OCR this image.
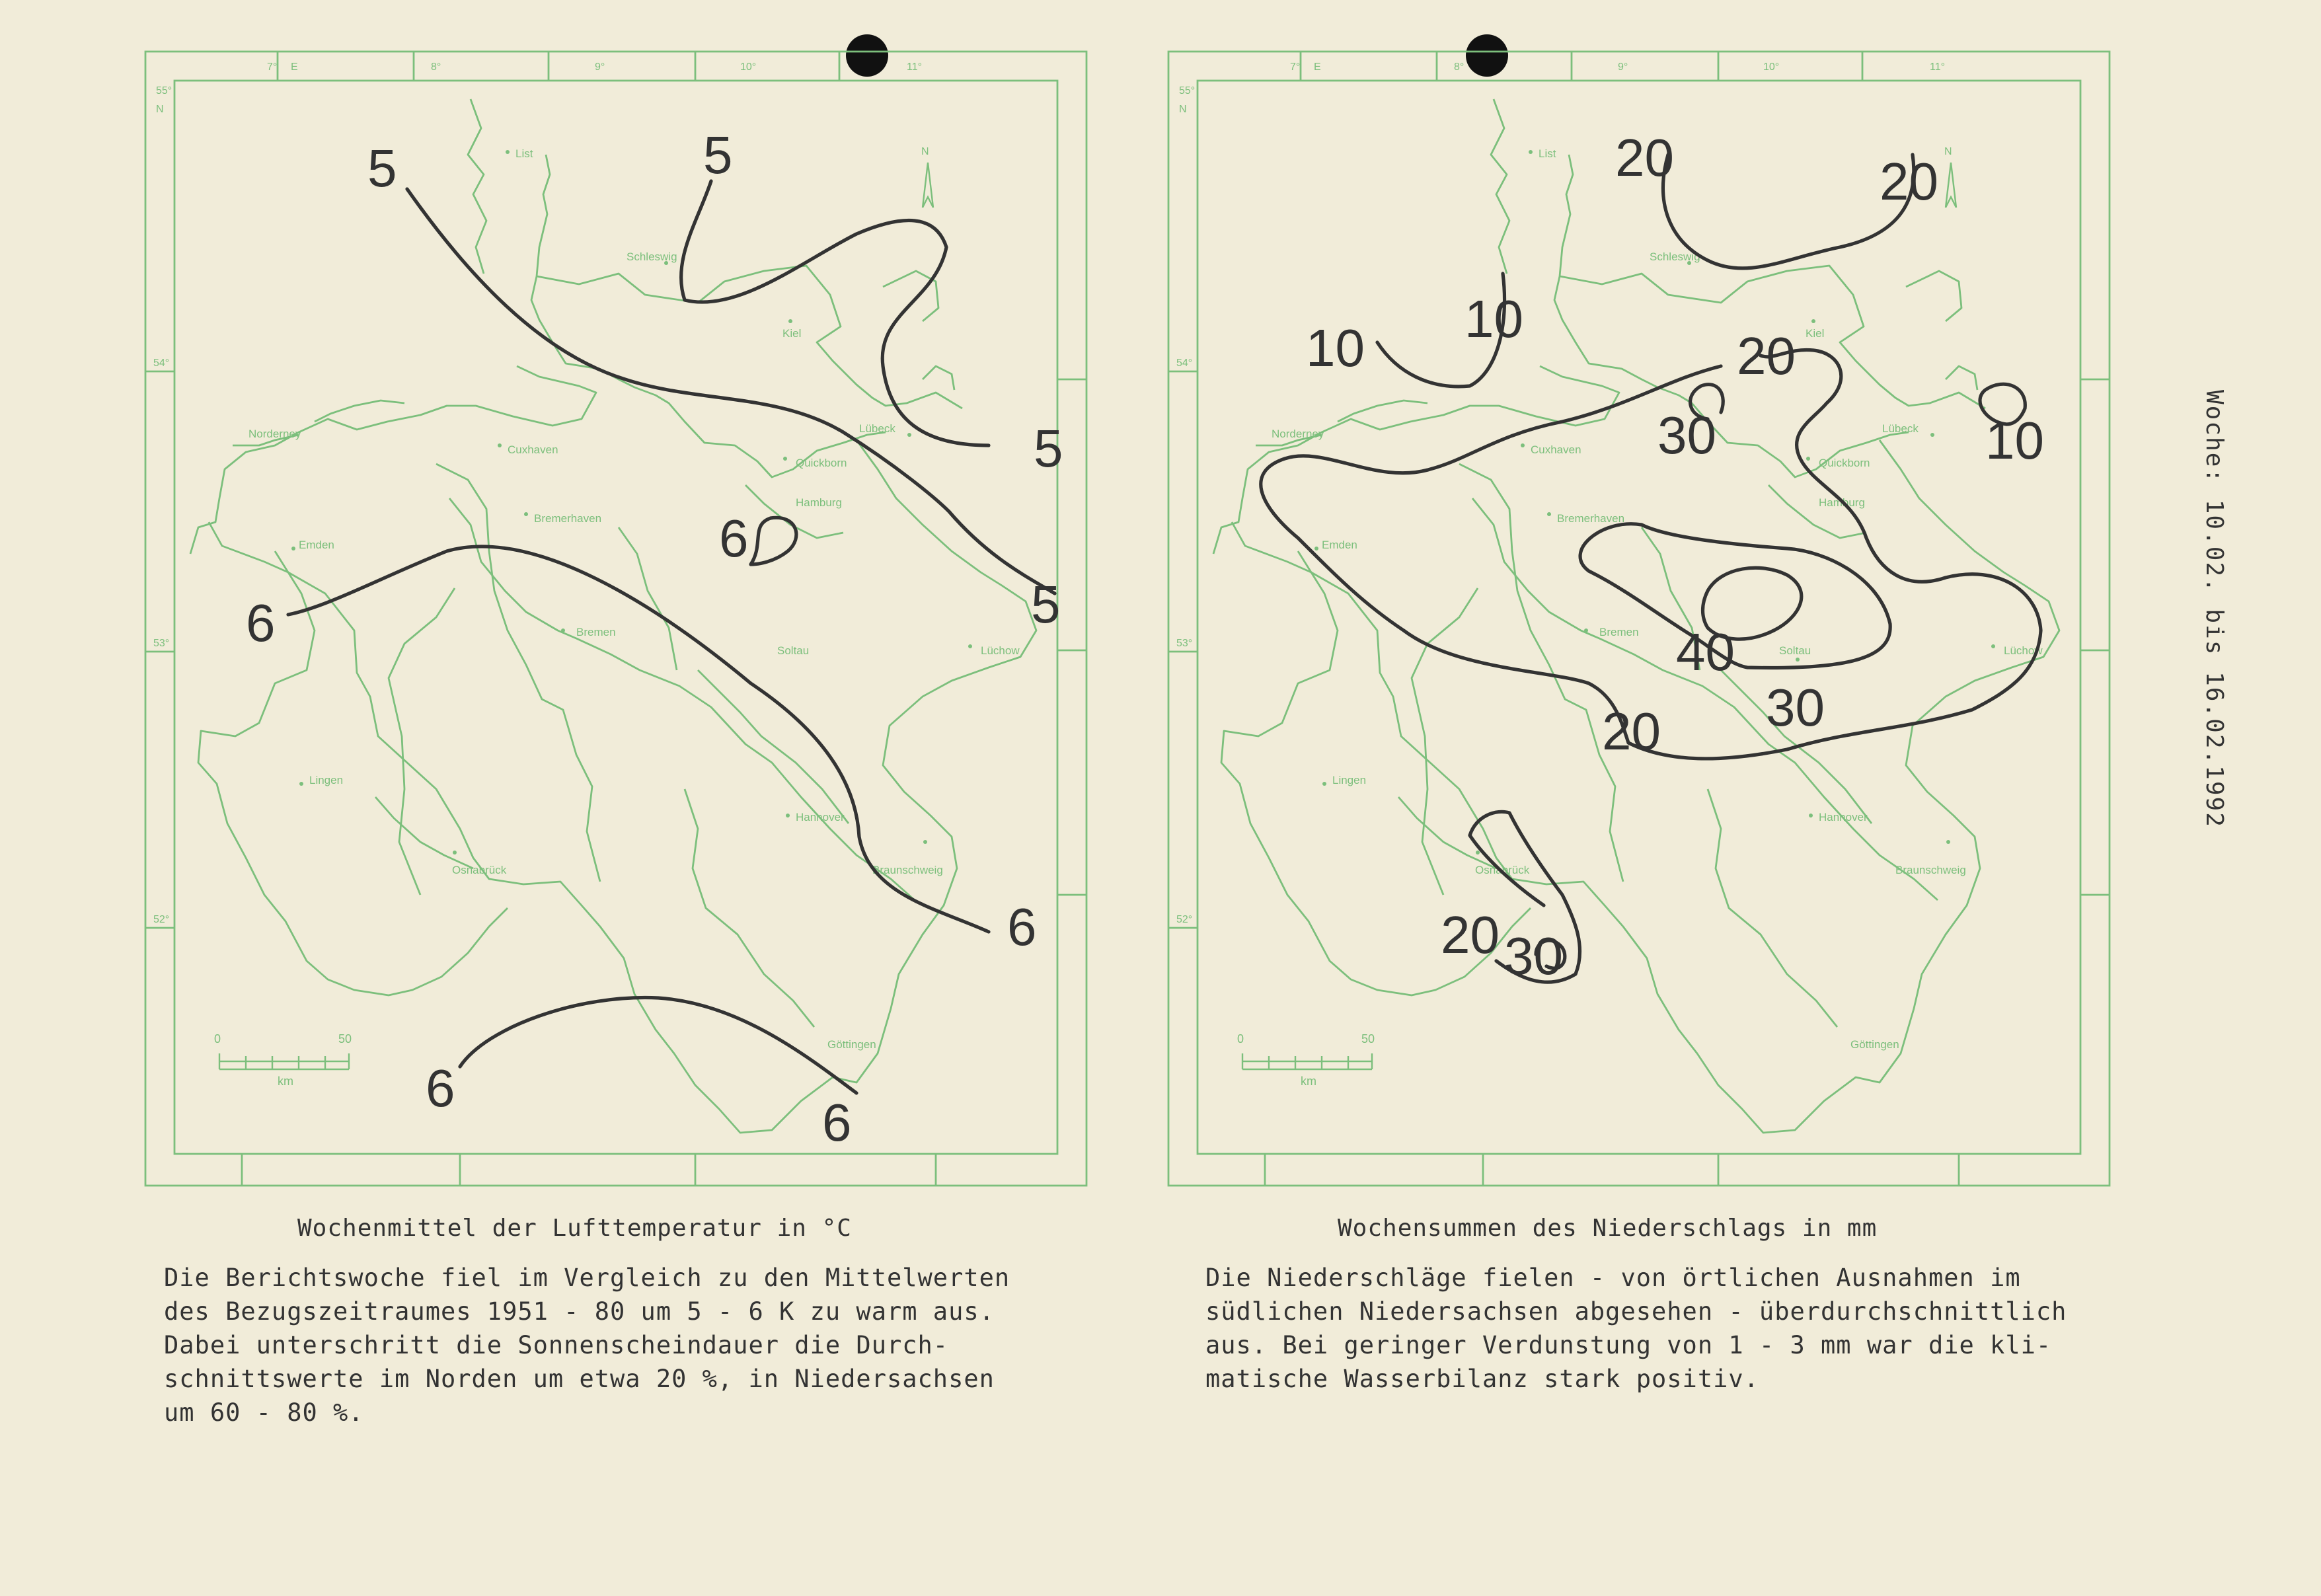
7°	E	8°	9°	10°	11°
55°
N
54°
53°
52°
N
0	50
km
List
Schleswig
Kiel
Lübeck
Norderney
Cuxhaven
Quickborn
Hamburg
Bremerhaven
Emden
Bremen
Soltau	Lüchow
Lingen
Hannover
Osnabrück	Braunschweig
Göttingen
5
5
5
5
6
6
6
6
6
7°	E	8°	9°	10°	11°
55°
N
54°
53°
52°
N
0	50
km
List
Schleswig
Kiel
Lübeck
Norderney
Cuxhaven
Quickborn
Hamburg
Bremerhaven
Emden
Bremen
Soltau	Lüchow
Lingen
Hannover
Osnabrück	Braunschweig
Göttingen
20	20
10	10
20
20
30	10
30
40
20 30
Wochenmittel der Lufttemperatur in °C	Wochensummen des Niederschlags in mm
Die Berichtswoche fiel im Vergleich zu den Mittelwerten
des Bezugszeitraumes 1951 - 80 um 5 - 6 K zu warm aus.
Dabei unterschritt die Sonnenscheindauer die Durch-
schnittswerte im Norden um etwa 20 %, in Niedersachsen
um 60 - 80 %.
Die Niederschläge fielen - von örtlichen Ausnahmen im
südlichen Niedersachsen abgesehen - überdurchschnittlich
aus. Bei geringer Verdunstung von 1 - 3 mm war die kli-
matische Wasserbilanz stark positiv.
Woche: 10.02. bis 16.02.1992
